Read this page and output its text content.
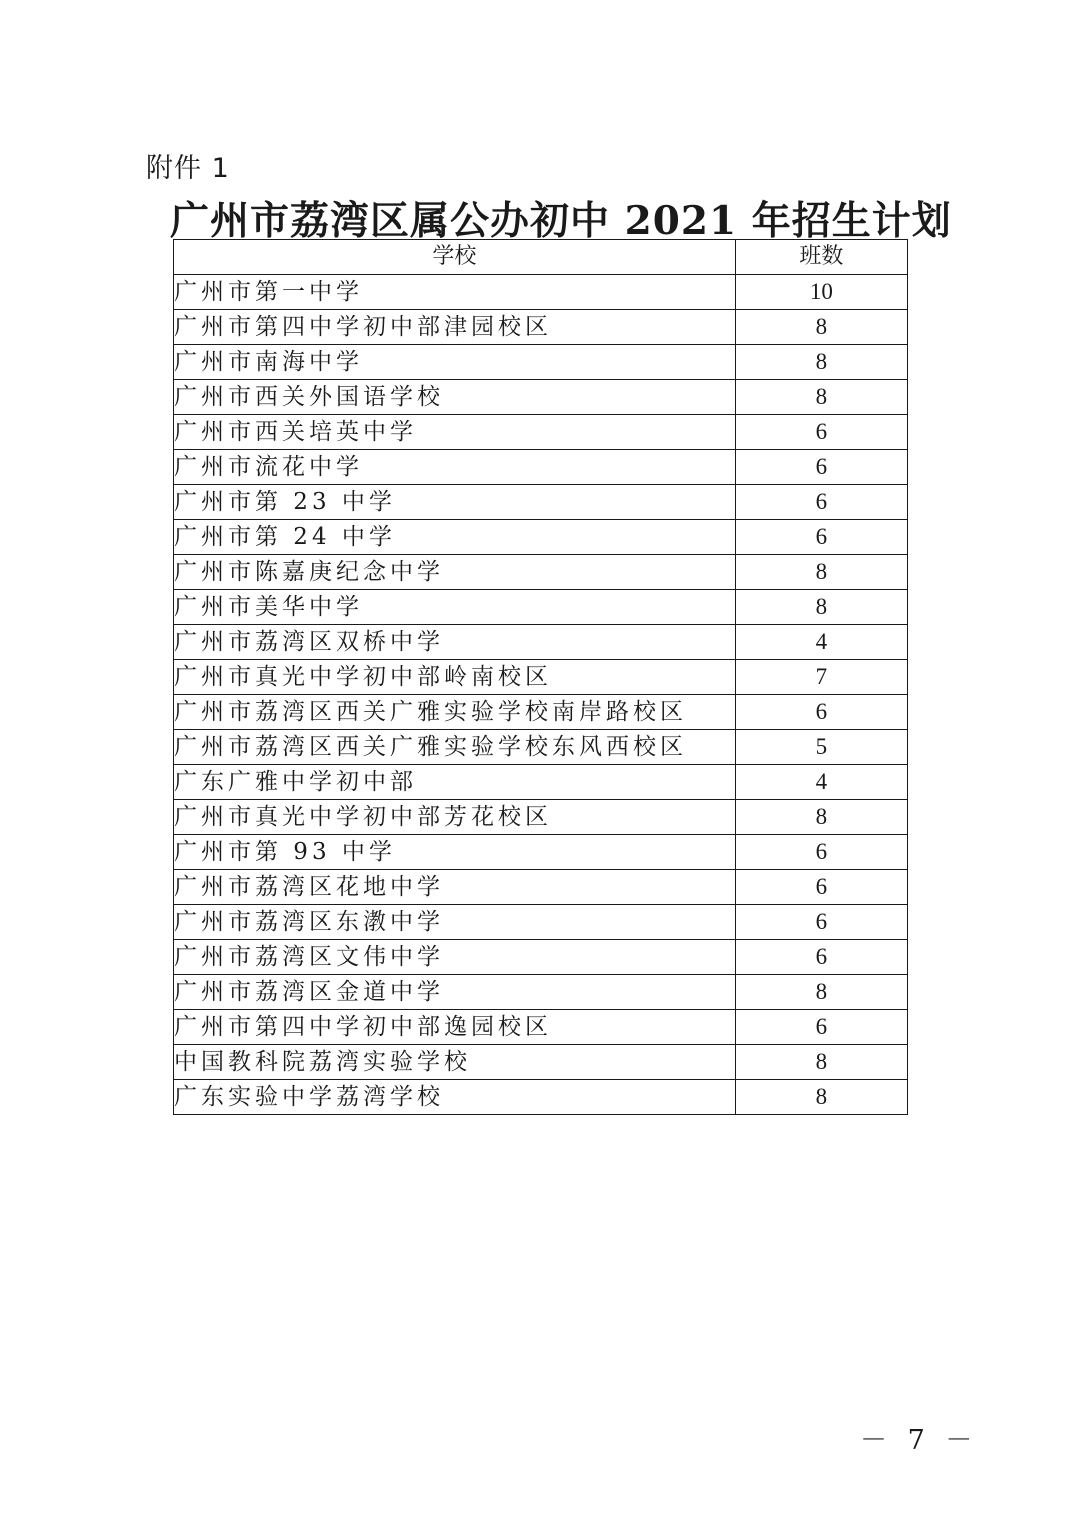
附件 1
广州市荔湾区属公办初中 2021 年招生计划
学校	班数
广州市第一中学	10
广州市第四中学初中部津园校区	8
广州市南海中学	8
广州市西关外国语学校	8
广州市西关培英中学	6
广州市流花中学	6
广州市第 23 中学	6
广州市第 24 中学	6
广州市陈嘉庚纪念中学	8
广州市美华中学	8
广州市荔湾区双桥中学	4
广州市真光中学初中部岭南校区	7
广州市荔湾区西关广雅实验学校南岸路校区	6
广州市荔湾区西关广雅实验学校东风西校区	5
广东广雅中学初中部	4
广州市真光中学初中部芳花校区	8
广州市第 93 中学	6
广州市荔湾区花地中学	6
广州市荔湾区东漖中学	6
广州市荔湾区文伟中学	6
广州市荔湾区金道中学	8
广州市第四中学初中部逸园校区	6
中国教科院荔湾实验学校	8
广东实验中学荔湾学校	8
－ 7 －
